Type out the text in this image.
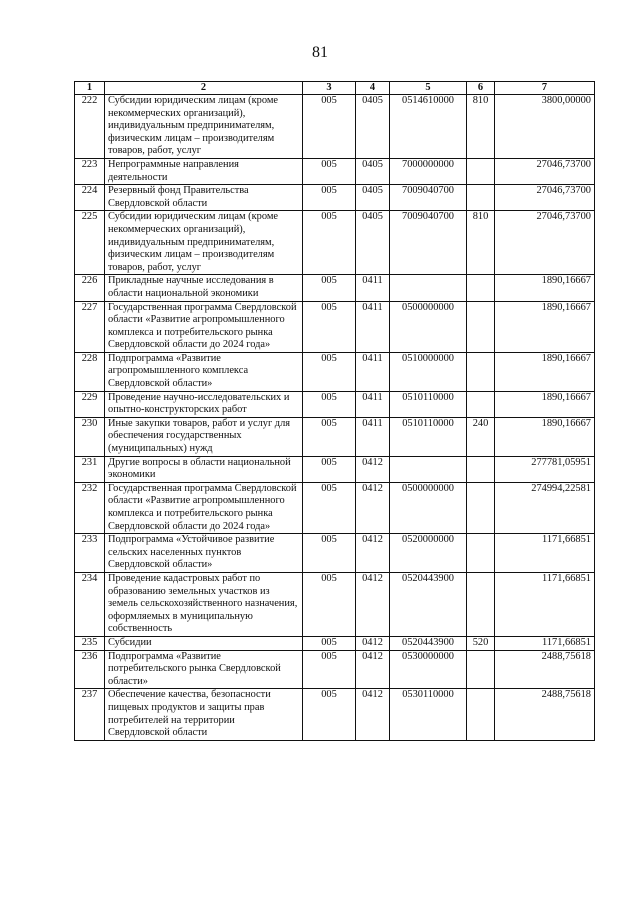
81
1	2	3	4	5	6	7
222	Субсидии юридическим лицам (кроме некоммерческих организаций), индивидуальным предпринимателям, физическим лицам – производителям товаров, работ, услуг	005	0405	0514610000	810	3800,00000
223	Непрограммные направления деятельности	005	0405	7000000000		27046,73700
224	Резервный фонд Правительства Свердловской области	005	0405	7009040700		27046,73700
225	Субсидии юридическим лицам (кроме некоммерческих организаций), индивидуальным предпринимателям, физическим лицам – производителям товаров, работ, услуг	005	0405	7009040700	810	27046,73700
226	Прикладные научные исследования в области национальной экономики	005	0411			1890,16667
227	Государственная программа Свердловской области «Развитие агропромышленного комплекса и потребительского рынка Свердловской области до 2024 года»	005	0411	0500000000		1890,16667
228	Подпрограмма «Развитие агропромышленного комплекса Свердловской области»	005	0411	0510000000		1890,16667
229	Проведение научно-исследовательских и опытно-конструкторских работ	005	0411	0510110000		1890,16667
230	Иные закупки товаров, работ и услуг для обеспечения государственных (муниципальных) нужд	005	0411	0510110000	240	1890,16667
231	Другие вопросы в области национальной экономики	005	0412			277781,05951
232	Государственная программа Свердловской области «Развитие агропромышленного комплекса и потребительского рынка Свердловской области до 2024 года»	005	0412	0500000000		274994,22581
233	Подпрограмма «Устойчивое развитие сельских населенных пунктов Свердловской области»	005	0412	0520000000		1171,66851
234	Проведение кадастровых работ по образованию земельных участков из земель сельскохозяйственного назначения, оформляемых в муниципальную собственность	005	0412	0520443900		1171,66851
235	Субсидии	005	0412	0520443900	520	1171,66851
236	Подпрограмма «Развитие потребительского рынка Свердловской области»	005	0412	0530000000		2488,75618
237	Обеспечение качества, безопасности пищевых продуктов и защиты прав потребителей на территории Свердловской области	005	0412	0530110000		2488,75618
